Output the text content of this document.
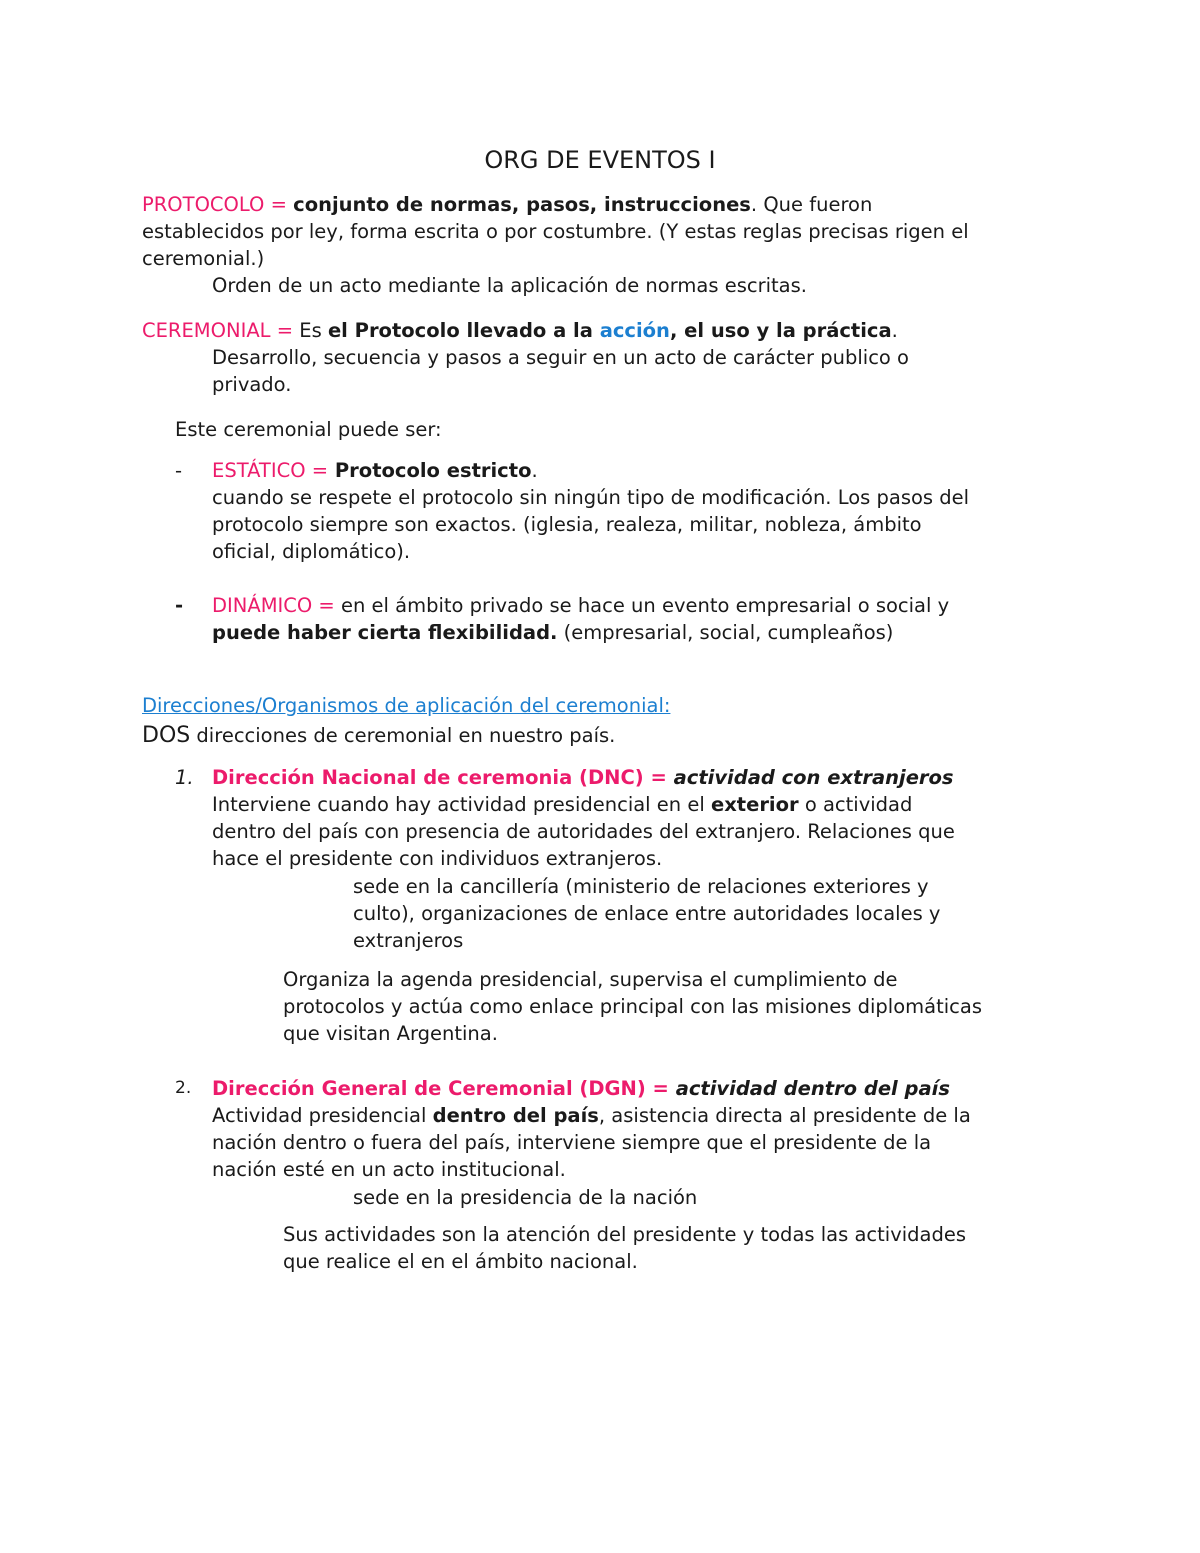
ORG DE EVENTOS I
PROTOCOLO = conjunto de normas, pasos, instrucciones. Que fueron
establecidos por ley, forma escrita o por costumbre. (Y estas reglas precisas rigen el
ceremonial.)
Orden de un acto mediante la aplicación de normas escritas.
CEREMONIAL = Es el Protocolo llevado a la acción, el uso y la práctica.
Desarrollo, secuencia y pasos a seguir en un acto de carácter publico o
privado.
Este ceremonial puede ser:
- ESTÁTICO = Protocolo estricto.
cuando se respete el protocolo sin ningún tipo de modificación. Los pasos del
protocolo siempre son exactos. (iglesia, realeza, militar, nobleza, ámbito
oficial, diplomático).
- DINÁMICO = en el ámbito privado se hace un evento empresarial o social y
puede haber cierta flexibilidad. (empresarial, social, cumpleaños)
Direcciones/Organismos de aplicación del ceremonial:
DOS direcciones de ceremonial en nuestro país.
1. Dirección Nacional de ceremonia (DNC) = actividad con extranjeros
Interviene cuando hay actividad presidencial en el exterior o actividad
dentro del país con presencia de autoridades del extranjero. Relaciones que
hace el presidente con individuos extranjeros.
sede en la cancillería (ministerio de relaciones exteriores y
culto), organizaciones de enlace entre autoridades locales y
extranjeros
Organiza la agenda presidencial, supervisa el cumplimiento de
protocolos y actúa como enlace principal con las misiones diplomáticas
que visitan Argentina.
2. Dirección General de Ceremonial (DGN) = actividad dentro del país
Actividad presidencial dentro del país, asistencia directa al presidente de la
nación dentro o fuera del país, interviene siempre que el presidente de la
nación esté en un acto institucional.
sede en la presidencia de la nación
Sus actividades son la atención del presidente y todas las actividades
que realice el en el ámbito nacional.
